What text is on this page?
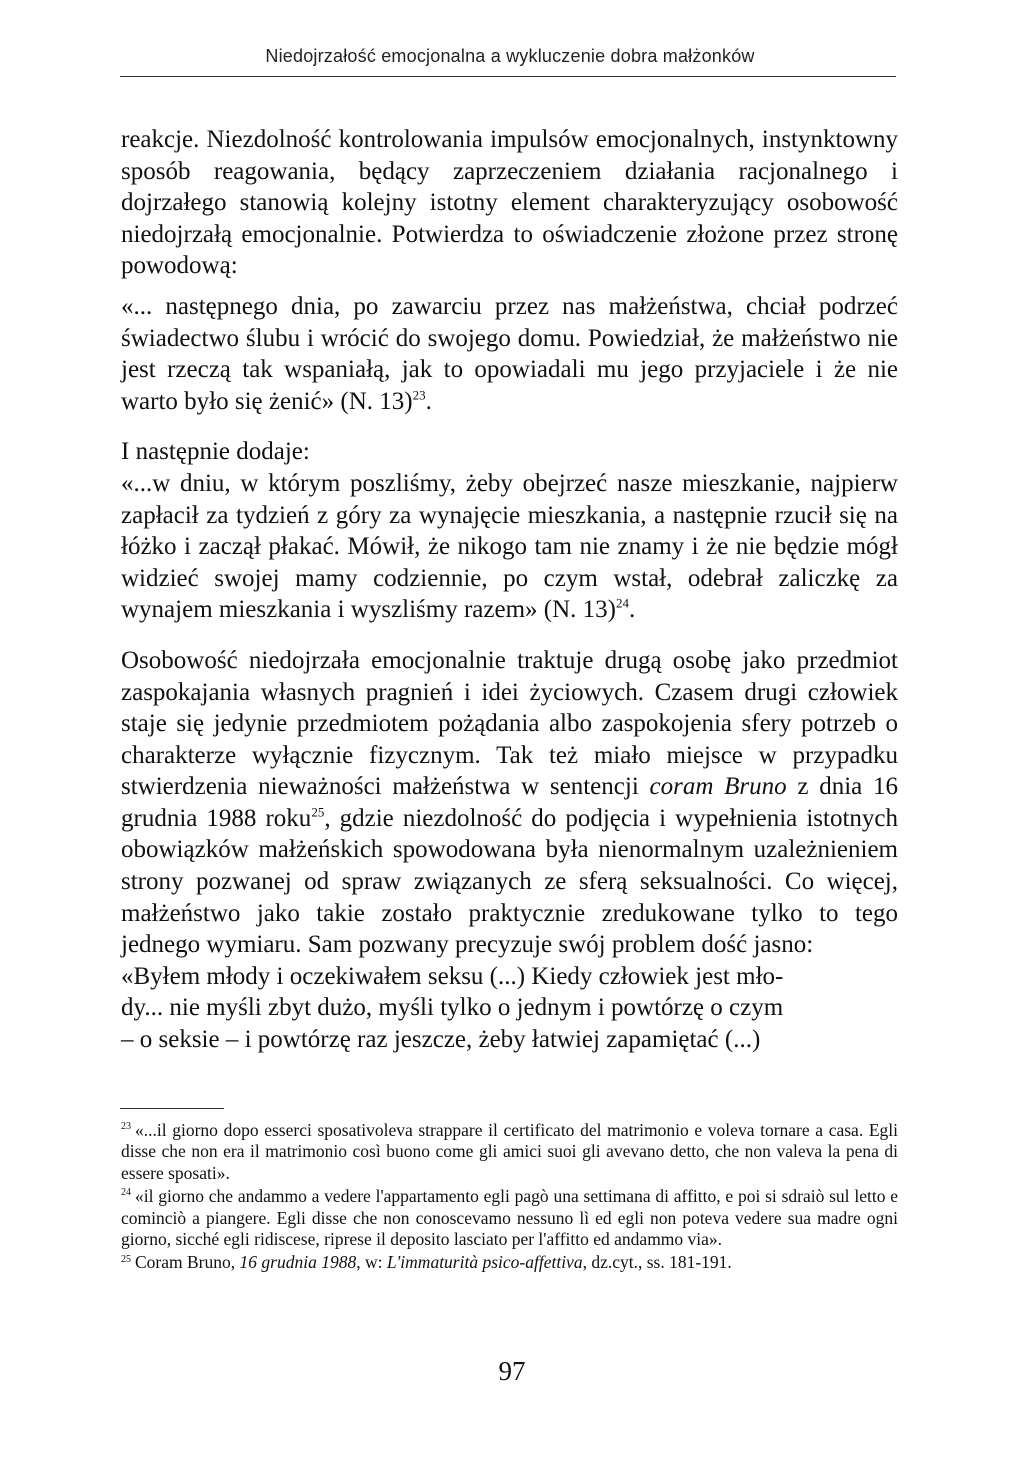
Niedojrzałość emocjonalna a wykluczenie dobra małżonków

reakcje. Niezdolność kontrolowania impulsów emocjonalnych, instynktowny sposób reagowania, będący zaprzeczeniem działania racjonalnego i dojrzałego stanowią kolejny istotny element charakteryzujący osobowość niedojrzałą emocjonalnie. Potwierdza to oświadczenie złożone przez stronę powodową:

«... następnego dnia, po zawarciu przez nas małżeństwa, chciał podrzeć świadectwo ślubu i wrócić do swojego domu. Powiedział, że małżeństwo nie jest rzeczą tak wspaniałą, jak to opowiadali mu jego przyjaciele i że nie warto było się żenić» (N. 13)$^{23}$.

I następnie dodaje:

«...w dniu, w którym poszliśmy, żeby obejrzeć nasze mieszkanie, najpierw zapłacił za tydzień z góry za wynajęcie mieszkania, a następnie rzucił się na łóżko i zaczął płakać. Mówił, że nikogo tam nie znamy i że nie będzie mógł widzieć swojej mamy codziennie, po czym wstał, odebrał zaliczkę za wynajem mieszkania i wyszliśmy razem» (N. 13)$^{24}$.

Osobowość niedojrzała emocjonalnie traktuje drugą osobę jako przedmiot zaspokajania własnych pragnień i idei życiowych. Czasem drugi człowiek staje się jedynie przedmiotem pożądania albo zaspokojenia sfery potrzeb o charakterze wyłącznie fizycznym. Tak też miało miejsce w przypadku stwierdzenia nieważności małżeństwa w sentencji coram Bruno z dnia 16 grudnia 1988 roku$^{25}$, gdzie niezdolność do podjęcia i wypełnienia istotnych obowiązków małżeńskich spowodowana była nienormalnym uzależnieniem strony pozwanej od spraw związanych ze sferą seksualności. Co więcej, małżeństwo jako takie zostało praktycznie zredukowane tylko to tego jednego wymiaru. Sam pozwany precyzuje swój problem dość jasno:

«Byłem młody i oczekiwałem seksu (...) Kiedy człowiek jest mło-

dy... nie myśli zbyt dużo, myśli tylko o jednym i powtórzę o czym

– o seksie – i powtórzę raz jeszcze, żeby łatwiej zapamiętać (...)

$^{23}$ «...il giorno dopo esserci sposativoleva strappare il certificato del matrimonio e voleva tornare a casa. Egli disse che non era il matrimonio così buono come gli amici suoi gli avevano detto, che non valeva la pena di essere sposati».

$^{24}$ «il giorno che andammo a vedere l'appartamento egli pagò una settimana di affitto, e poi si sdraiò sul letto e cominciò a piangere. Egli disse che non conoscevamo nessuno lì ed egli non poteva vedere sua madre ogni giorno, sicché egli ridiscese, riprese il deposito lasciato per l'affitto ed andammo via».

$^{25}$ Coram Bruno, 16 grudnia 1988, w: L'immaturità psico-affettiva, dz.cyt., ss. 181-191.

97
